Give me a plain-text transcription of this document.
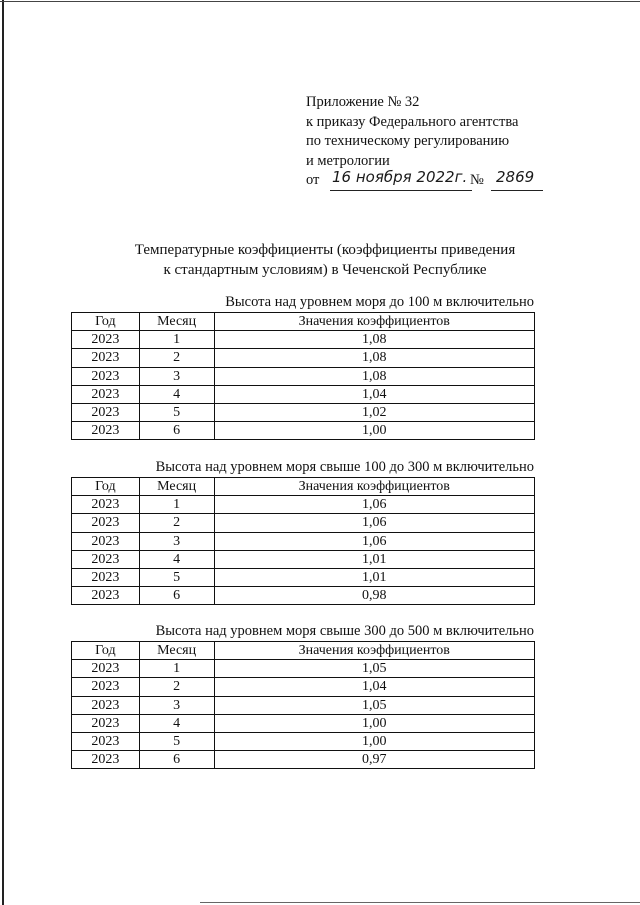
Приложение № 32
к приказу Федерального агентства
по техническому регулированию
и метрологии
от 16 ноября 2022г. № 2869
Температурные коэффициенты (коэффициенты приведения
к стандартным условиям) в Чеченской Республике
Высота над уровнем моря до 100 м включительно
Год	Месяц	Значения коэффициентов
2023	1	1,08
2023	2	1,08
2023	3	1,08
2023	4	1,04
2023	5	1,02
2023	6	1,00
Высота над уровнем моря свыше 100 до 300 м включительно
Год	Месяц	Значения коэффициентов
2023	1	1,06
2023	2	1,06
2023	3	1,06
2023	4	1,01
2023	5	1,01
2023	6	0,98
Высота над уровнем моря свыше 300 до 500 м включительно
Год	Месяц	Значения коэффициентов
2023	1	1,05
2023	2	1,04
2023	3	1,05
2023	4	1,00
2023	5	1,00
2023	6	0,97
